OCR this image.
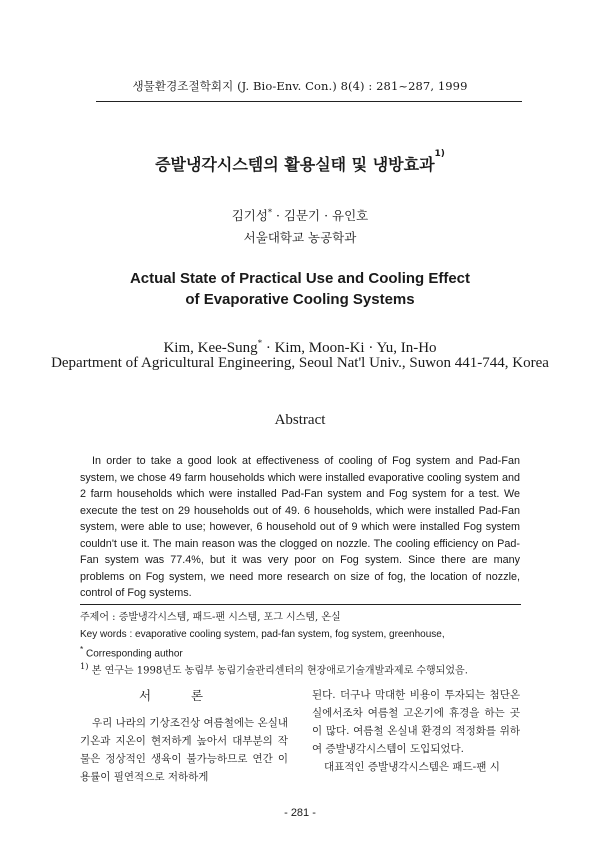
생물환경조절학회지 (J. Bio-Env. Con.) 8(4) : 281~287, 1999
증발냉각시스템의 활용실태 및 냉방효과$^{1)}$
김기성* · 김문기 · 유인호
서울대학교 농공학과
Actual State of Practical Use and Cooling Effect
of Evaporative Cooling Systems
Kim, Kee-Sung* · Kim, Moon-Ki · Yu, In-Ho
Department of Agricultural Engineering, Seoul Nat'l Univ., Suwon 441-744, Korea
Abstract
In order to take a good look at effectiveness of cooling of Fog system and Pad-Fan system, we chose 49 farm households which were installed evaporative cooling system and 2 farm households which were installed Pad-Fan system and Fog system for a test. We execute the test on 29 households out of 49. 6 households, which were installed Pad-Fan system, were able to use; however, 6 household out of 9 which were installed Fog system couldn't use it. The main reason was the clogged on nozzle. The cooling efficiency on Pad-Fan system was 77.4%, but it was very poor on Fog system. Since there are many problems on Fog system, we need more research on size of fog, the location of nozzle, control of Fog systems.
주제어 : 증발냉각시스템, 패드-팬 시스템, 포그 시스템, 온실
Key words : evaporative cooling system, pad-fan system, fog system, greenhouse,
* Corresponding author
$^{1)}$ 본 연구는 1998년도 농림부 농림기술관리센터의 현장애로기술개발과제로 수행되었음.
서 론
우리 나라의 기상조건상 여름철에는 온실내 기온과 지온이 현저하게 높아서 대부분의 작물은 정상적인 생육이 불가능하므로 연간 이용률이 필연적으로 저하하게

된다. 더구나 막대한 비용이 투자되는 첨단온실에서조차 여름철 고온기에 휴경을 하는 곳이 많다. 여름철 온실내 환경의 적정화를 위하여 증발냉각시스템이 도입되었다.

대표적인 증발냉각시스템은 패드-팬 시

- 281 -
